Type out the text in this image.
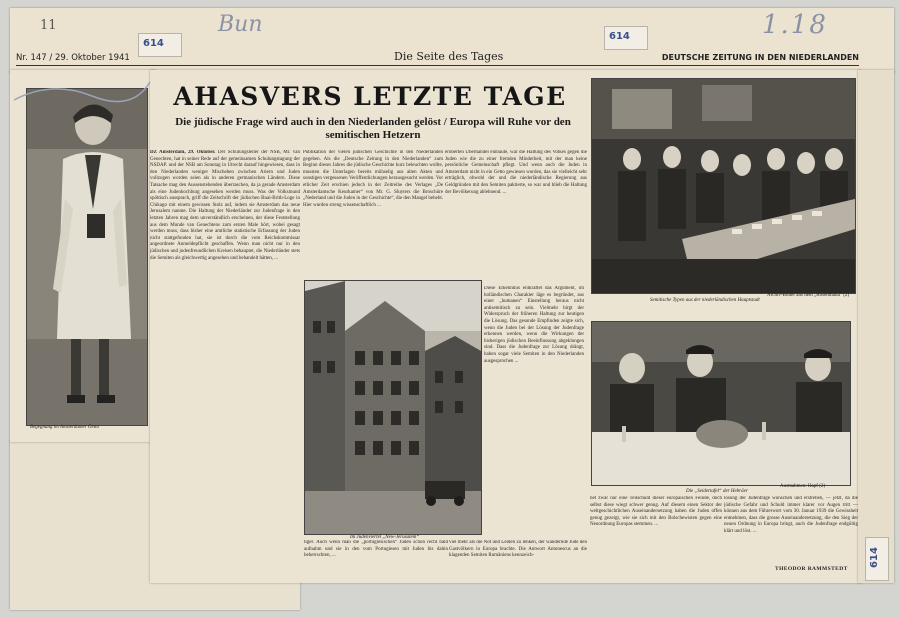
11	Bun	1.18
614
614
614
Nr. 147 / 29. Oktober 1941	Die Seite des Tages	DEUTSCHE ZEITUNG IN DEN NIEDERLANDEN
AHASVERS LETZTE TAGE
Die jüdische Frage wird auch in den Niederlanden gelöst / Europa will Ruhe vor den semitischen Hetzern
Begegnung im Amsterdamer Getto
Im Judenviertel „New-Jerusalem“
Archiv-Bilder aus dem „Rosenthalia“ (2)
Semitische Typen aus der niederländischen Hauptstadt
Austnahmen: Hapf (2)
Die „Seidertafel“ der Hebräer
DZ Amsterdam, 29. Oktober. Der Schulungsleiter der NSB, Mr. van Genechten, hat in seiner Rede auf der gemeinsamen Schulungstagung der NSDAP. und der NSB am Sonntag in Utrecht darauf hingewiesen, dass in den Niederlanden weniger Mischehen zwischen Ariern und Juden vollzogen worden seien als in anderen germanischen Ländern. Diese Tatsache mag den Aussenstehenden überraschen, da ja gerade Amsterdam als eine Judenhochburg angesehen werden muss. Was der Volksmund spöttisch aussprach, griff die Zeitschrift der jüdischen Bnai-Brith-Loge in Chikago mit einem gewissen Stolz auf, indem sie Amsterdam das neue Jerusalem nannte. Die Haltung der Niederländer zur Judenfrage in den letzten Jahren mag dem unverständlich erscheinen, der diese Feststellung aus dem Munde van Genechtens zum ersten Male hört, wobei gesagt werden muss, dass bisher eine amtliche statistische Erfassung der Juden nicht stattgefunden hat, sie ist durch die vom Reichskommissar angeordnete Anmeldepflicht geschaffen. Wenn man nicht nur in den jüdischen und judenfreundlichen Kreisen behauptet, die Niederländer stets die Semiten als gleichwertig angesehen und behandelt hätten, ...
Publikation der vielen jüdischen Geschichte in den Niederlanden gegeben. Als die „Deutsche Zeitung in den Niederlanden“ zum Beginn dieses Jahres die jüdische Geschichte kurz beleuchten wollte, mussten die Unterlagen bereits mühselig aus alten Akten und sonstigen vergessenen Veröffentlichungen herausgesucht werden. Vor etlicher Zeit erschien jedoch in der Zeitreihe des Verlages „De Amsterdamsche Keurkamer“ von Mr. G. Sluyters die Broschüre „Nederland und die Juden in der Geschichte“, die den Mangel behebt. Hier wurden streng wissenschaftlich ...
eroberten Überhandel einbaute, war die Haltung des Volkes gegen die Juden wie die zu einer fremden Minderheit, mit der man keine persönliche Gemeinschaft pflegt. Und wenn auch die Juden in Amsterdam nicht in ein Getto gewiesen wurden, das sie vielleicht sehr erträglich, obwohl der und die niederländische Regierung aus Geldgründen mit den Semiten paktierte, so war und blieb die Haltung der Bevölkerung ablehnend. ...
Diese Erkenntnis entkräftet das Argument, im holländischen Charakter läge es begründet, aus einer „humanen“ Einstellung heraus nicht antisemitisch zu sein. Vielmehr birgt der Widerspruch der früheren Haltung zur heutigen die Lösung. Das gesunde Empfinden zeigte sich, wenn die Juden bei der Lösung der Judenfrage erkennen werden, wenn die Wirkungen der bisherigen jüdischen Beeinflussung abgeklungen sind. Dass die Judenfrage zur Lösung drängt, haben sogar viele Semiten in den Niederlanden ausgesprochen ...
tiger. Auch wenn man die „portugiesischen“ Juden schon recht bald aufnahm und sie in den vom Portugiesen mit Juden bis dahin beherrschten, ...
viel mehr als die Not und Leiden zu lenken, der wandernde Jude den Gastvölkern in Europa brachte. Die Antwort Antonescus an die klagenden Semiten Rumäniens kennzeich-
net zwar nur eine Teilschuld dieser europäischen Feinde, doch selbst diese wiegt schwer genug. Auf diesem einen Sektor der weltgeschichtlichen Auseinandersetzung haben die Juden offen genug gezeigt, wie sie sich mit den Bolschewisten gegen eine Neuordnung Europas stemmen. ...
lösung der Judenfrage wünschen und erstreben, — jetzt, da die jüdische Gefahr und Schuld immer klarer vor Augen tritt — können aus dem Führerwort vom 30. Januar 1939 die Gewissheit entnehmen, dass die grosse Auseinandersetzung, die den Sieg der neuen Ordnung in Europa bringt, auch die Judenfrage endgültig klärt und löst. ...
THEODOR RAMMSTEDT
